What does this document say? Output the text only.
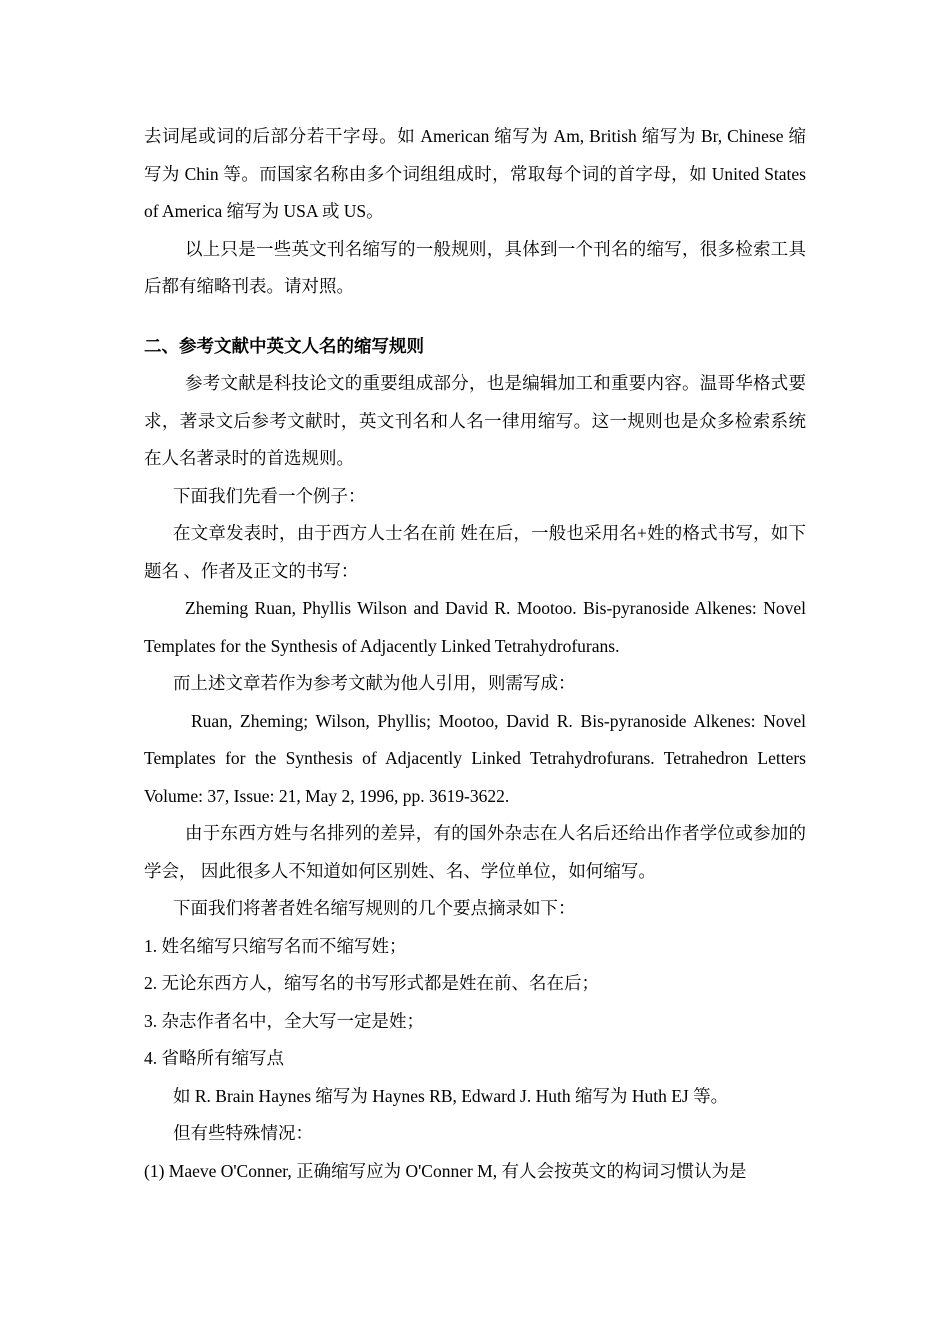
去词尾或词的后部分若干字母。如 American 缩写为 Am, British 缩写为 Br, Chinese 缩写为 Chin 等。而国家名称由多个词组组成时，常取每个词的首字母，如 United States of America 缩写为 USA 或 US。

以上只是一些英文刊名缩写的一般规则，具体到一个刊名的缩写，很多检索工具后都有缩略刊表。请对照。

二、参考文献中英文人名的缩写规则

参考文献是科技论文的重要组成部分，也是编辑加工和重要内容。温哥华格式要求，著录文后参考文献时，英文刊名和人名一律用缩写。这一规则也是众多检索系统在人名著录时的首选规则。

下面我们先看一个例子：

在文章发表时，由于西方人士名在前 姓在后，一般也采用名+姓的格式书写，如下题名 、作者及正文的书写：

Zheming Ruan, Phyllis Wilson and David R. Mootoo. Bis-pyranoside Alkenes: Novel Templates for the Synthesis of Adjacently Linked Tetrahydrofurans.

而上述文章若作为参考文献为他人引用，则需写成：

Ruan, Zheming; Wilson, Phyllis; Mootoo, David R. Bis-pyranoside Alkenes: Novel Templates for the Synthesis of Adjacently Linked Tetrahydrofurans. Tetrahedron Letters Volume: 37, Issue: 21, May 2, 1996, pp. 3619-3622.

由于东西方姓与名排列的差异，有的国外杂志在人名后还给出作者学位或参加的学会， 因此很多人不知道如何区别姓、名、学位单位，如何缩写。

下面我们将著者姓名缩写规则的几个要点摘录如下：

1. 姓名缩写只缩写名而不缩写姓；

2. 无论东西方人，缩写名的书写形式都是姓在前、名在后；

3. 杂志作者名中，全大写一定是姓；

4. 省略所有缩写点

如 R. Brain Haynes 缩写为 Haynes RB, Edward J. Huth 缩写为 Huth EJ 等。

但有些特殊情况：

(1) Maeve O'Conner, 正确缩写应为 O'Conner M, 有人会按英文的构词习惯认为是
